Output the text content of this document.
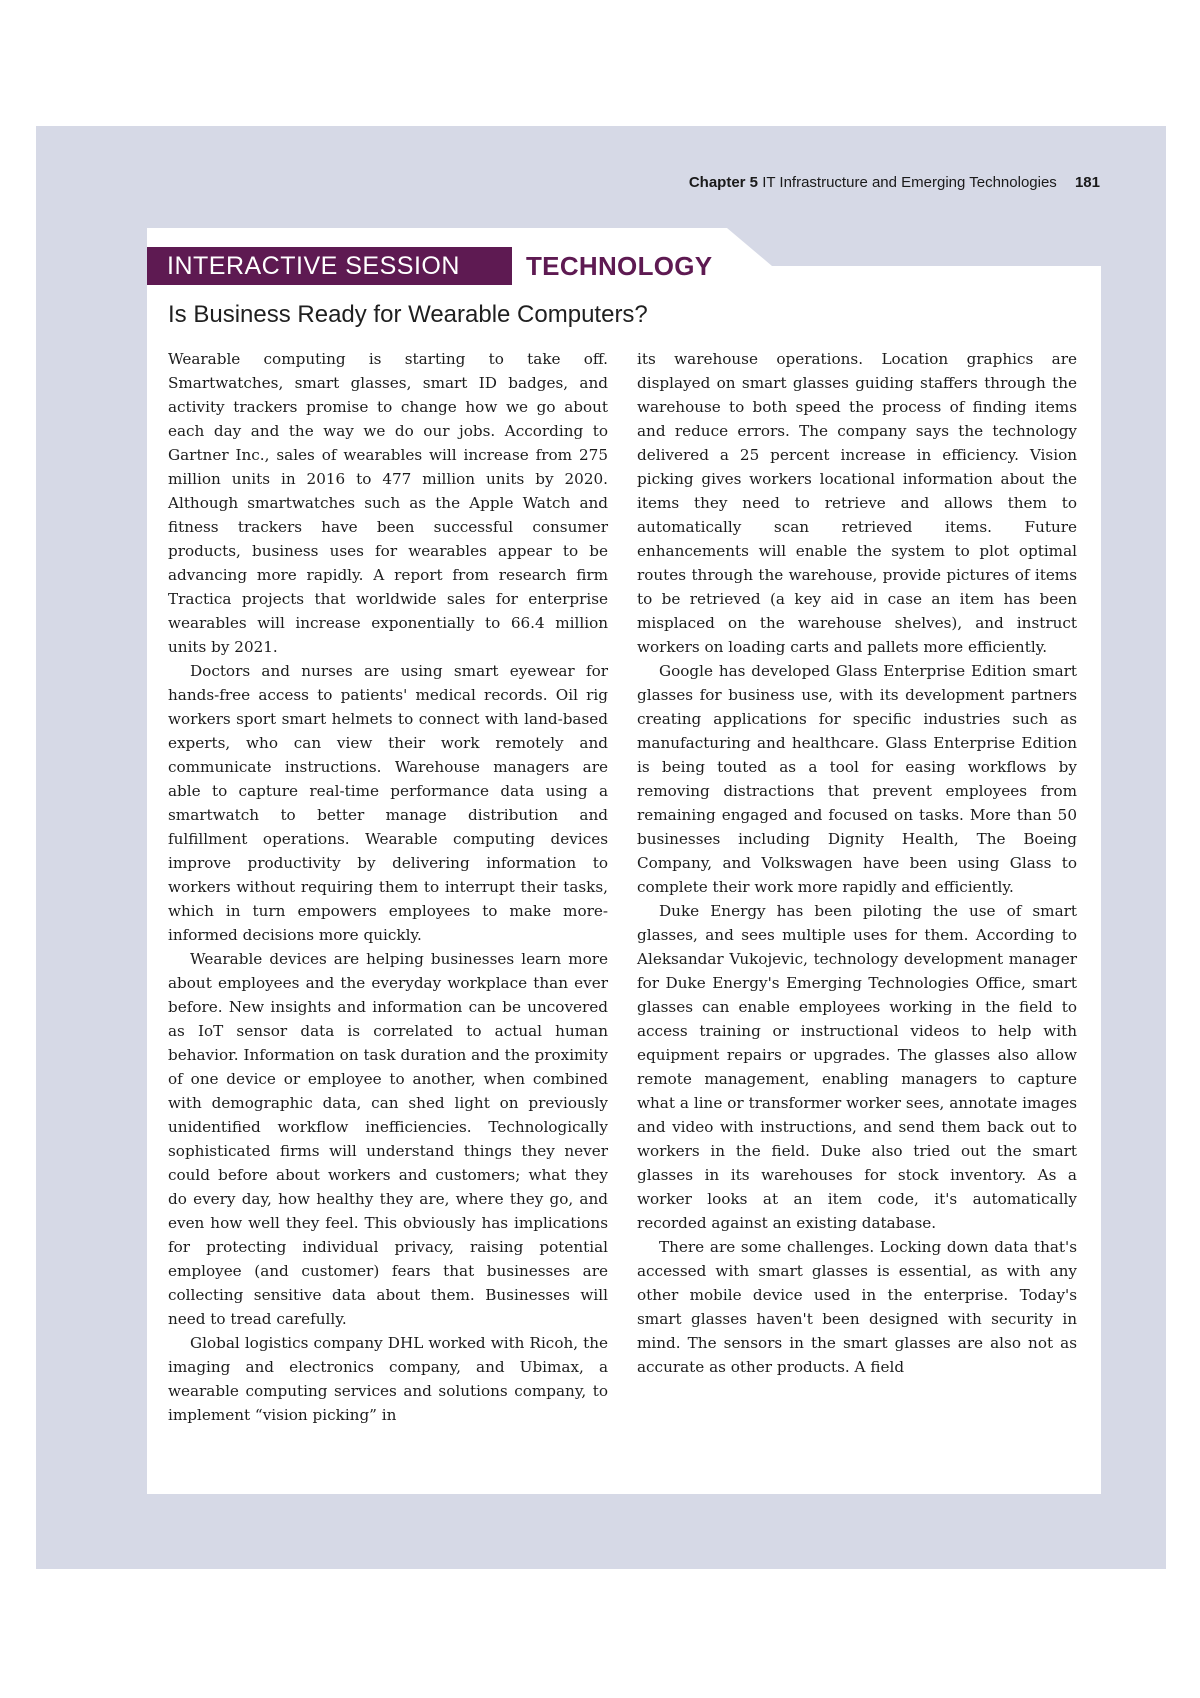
Chapter 5 IT Infrastructure and Emerging Technologies 181
INTERACTIVE SESSION	TECHNOLOGY
Is Business Ready for Wearable Computers?

Wearable computing is starting to take off. Smartwatches, smart glasses, smart ID badges, and activity trackers promise to change how we go about each day and the way we do our jobs. According to Gartner Inc., sales of wearables will increase from 275 million units in 2016 to 477 million units by 2020. Although smartwatches such as the Apple Watch and fitness trackers have been successful consumer products, business uses for wearables appear to be advancing more rapidly. A report from research firm Tractica projects that worldwide sales for enterprise wearables will increase exponentially to 66.4 million units by 2021.

Doctors and nurses are using smart eyewear for hands-free access to patients' medical records. Oil rig workers sport smart helmets to connect with land-based experts, who can view their work remotely and communicate instructions. Warehouse managers are able to capture real-time performance data using a smartwatch to better manage distribution and fulfillment operations. Wearable computing devices improve productivity by delivering information to workers without requiring them to interrupt their tasks, which in turn empowers employees to make more-informed decisions more quickly.

Wearable devices are helping businesses learn more about employees and the everyday workplace than ever before. New insights and information can be uncovered as IoT sensor data is correlated to actual human behavior. Information on task duration and the proximity of one device or employee to another, when combined with demographic data, can shed light on previously unidentified workflow inefficiencies. Technologically sophisticated firms will understand things they never could before about workers and customers; what they do every day, how healthy they are, where they go, and even how well they feel. This obviously has implications for protecting individual privacy, raising potential employee (and customer) fears that businesses are collecting sensitive data about them. Businesses will need to tread carefully.

Global logistics company DHL worked with Ricoh, the imaging and electronics company, and Ubimax, a wearable computing services and solutions company, to implement “vision picking” in

its warehouse operations. Location graphics are displayed on smart glasses guiding staffers through the warehouse to both speed the process of finding items and reduce errors. The company says the technology delivered a 25 percent increase in efficiency. Vision picking gives workers locational information about the items they need to retrieve and allows them to automatically scan retrieved items. Future enhancements will enable the system to plot optimal routes through the warehouse, provide pictures of items to be retrieved (a key aid in case an item has been misplaced on the warehouse shelves), and instruct workers on loading carts and pallets more efficiently.

Google has developed Glass Enterprise Edition smart glasses for business use, with its development partners creating applications for specific industries such as manufacturing and healthcare. Glass Enterprise Edition is being touted as a tool for easing workflows by removing distractions that prevent employees from remaining engaged and focused on tasks. More than 50 businesses including Dignity Health, The Boeing Company, and Volkswagen have been using Glass to complete their work more rapidly and efficiently.

Duke Energy has been piloting the use of smart glasses, and sees multiple uses for them. According to Aleksandar Vukojevic, technology development manager for Duke Energy's Emerging Technologies Office, smart glasses can enable employees working in the field to access training or instructional videos to help with equipment repairs or upgrades. The glasses also allow remote management, enabling managers to capture what a line or transformer worker sees, annotate images and video with instructions, and send them back out to workers in the field. Duke also tried out the smart glasses in its warehouses for stock inventory. As a worker looks at an item code, it's automatically recorded against an existing database.

There are some challenges. Locking down data that's accessed with smart glasses is essential, as with any other mobile device used in the enterprise. Today's smart glasses haven't been designed with security in mind. The sensors in the smart glasses are also not as accurate as other products. A field
